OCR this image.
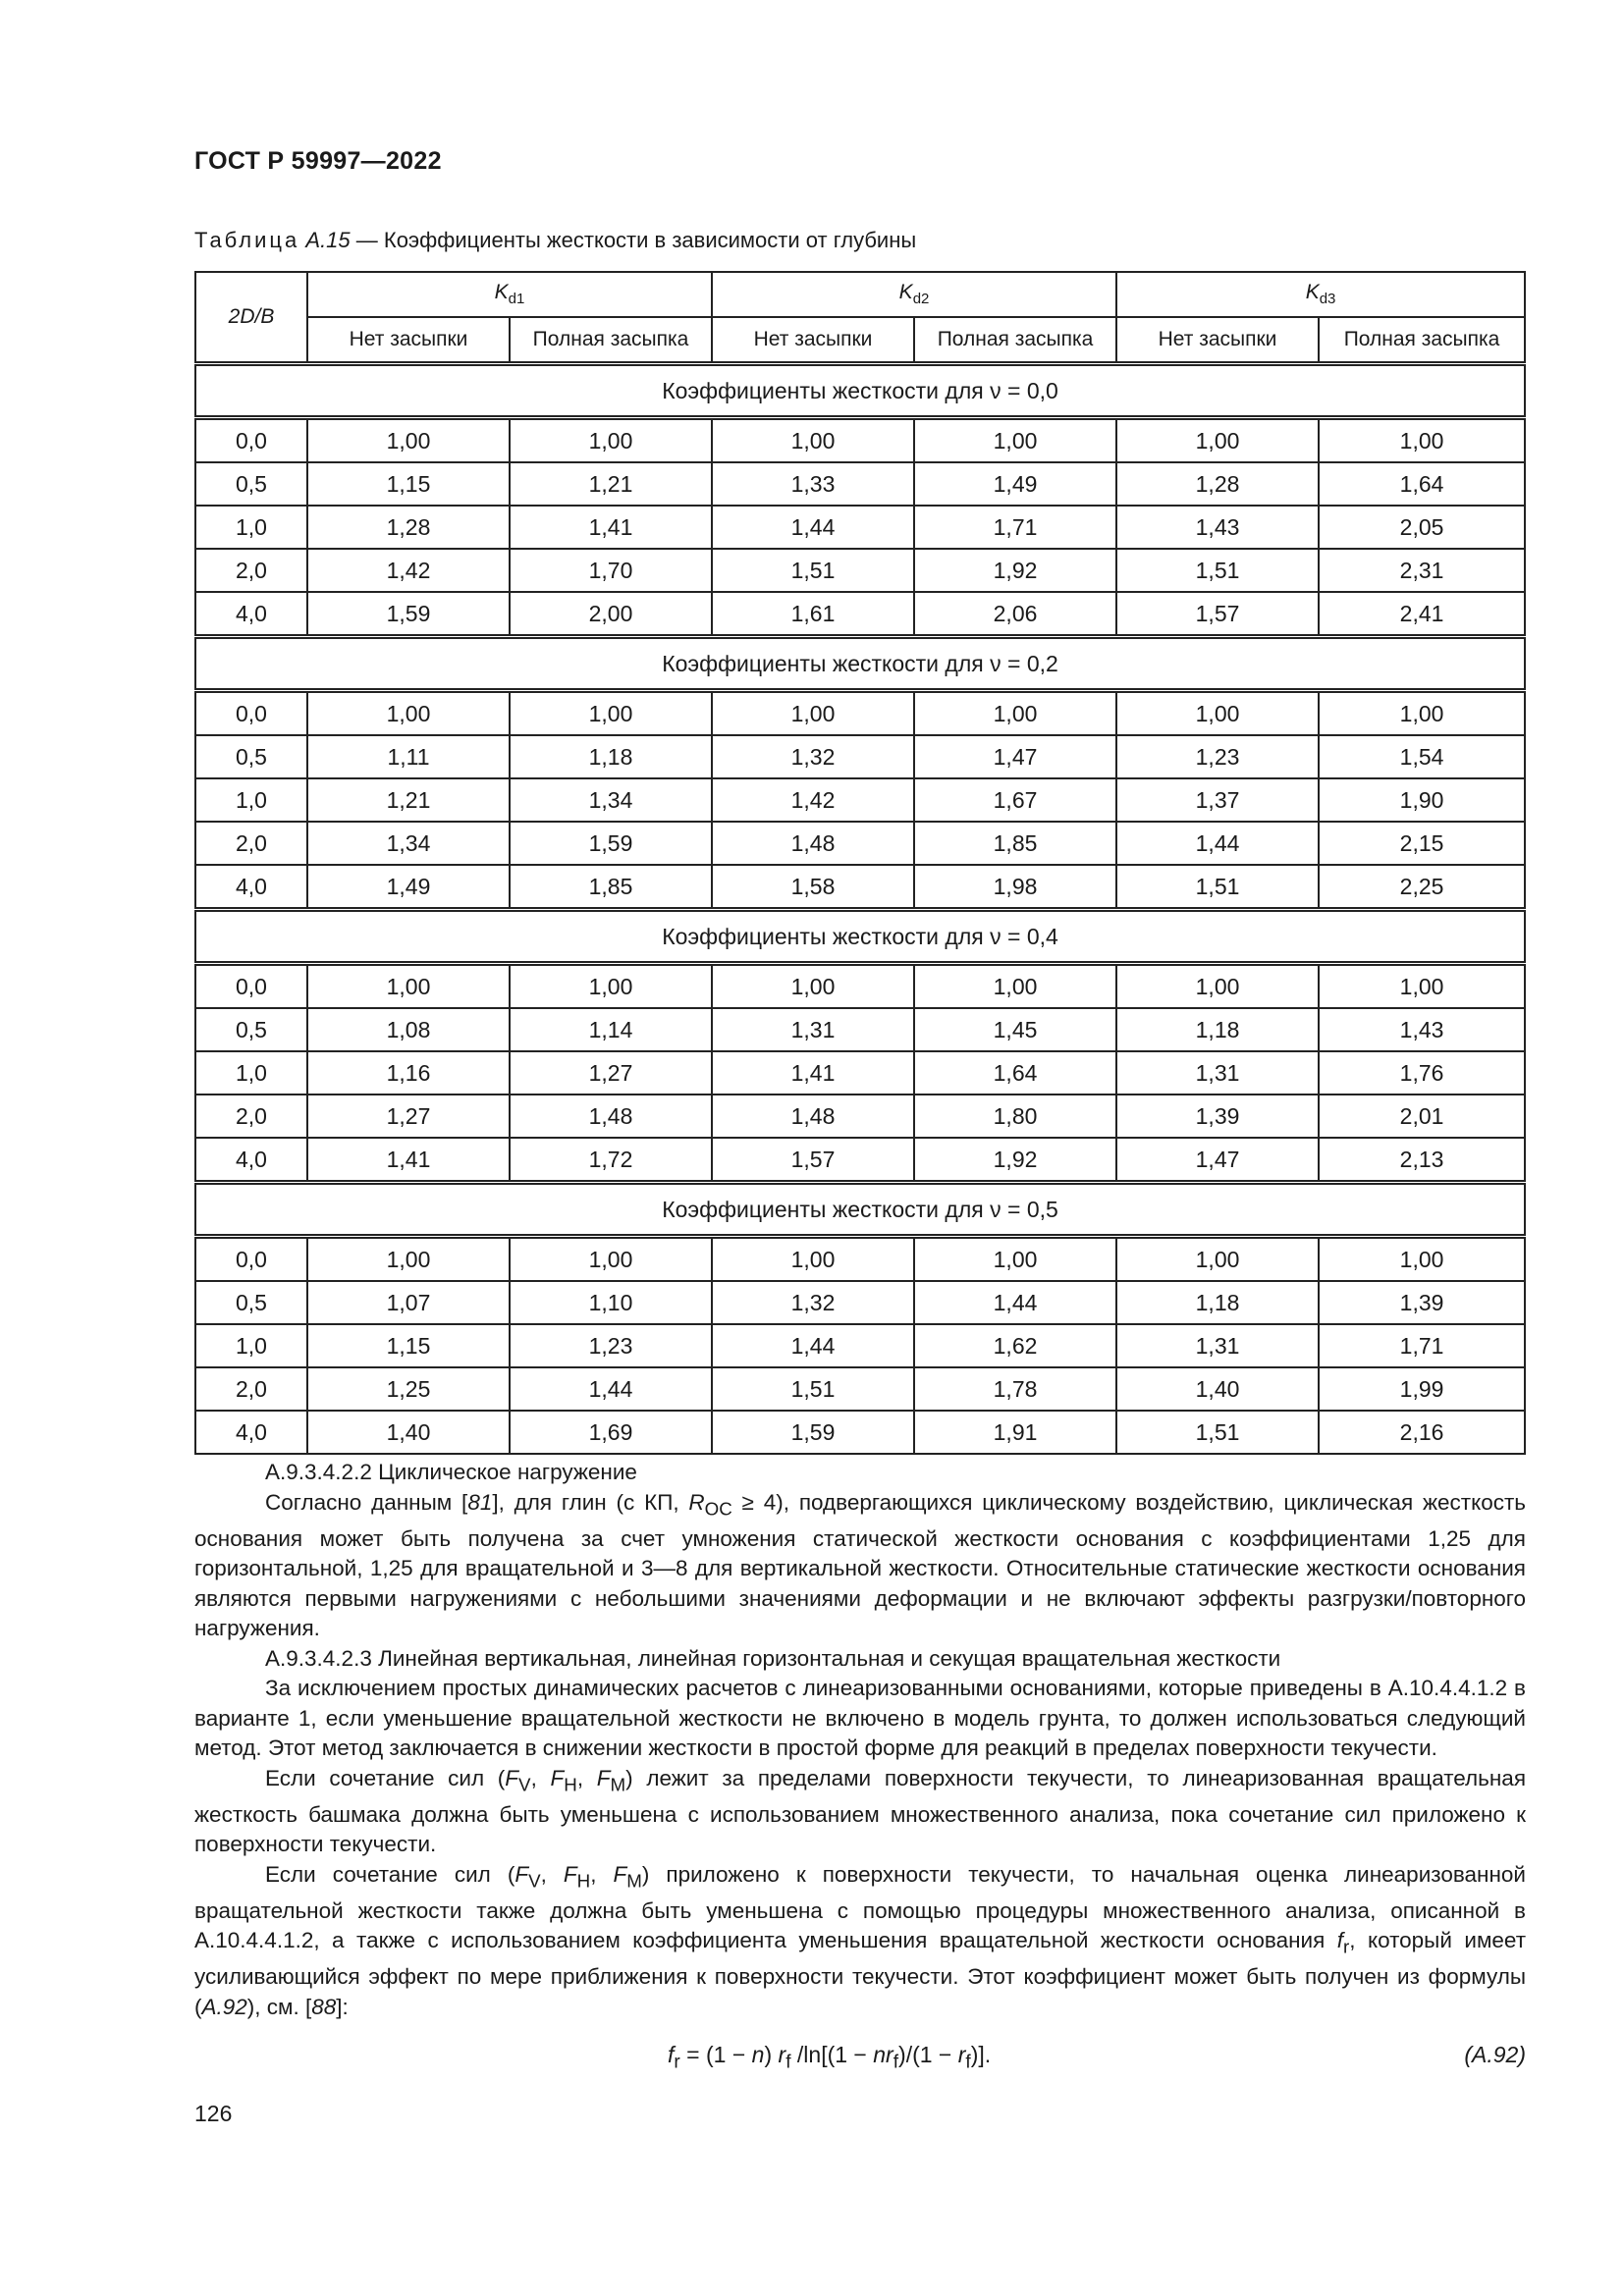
ГОСТ Р 59997—2022
Таблица A.15 — Коэффициенты жесткости в зависимости от глубины
2D/B	$K_{d1}$		$K_{d2}$		$K_{d3}$
	Нет засыпки	Полная засыпка	Нет засыпки	Полная засыпка	Нет засыпки	Полная засыпка
Коэффициенты жесткости для ν = 0,0						
0,0	1,00	1,00	1,00	1,00	1,00	1,00
0,5	1,15	1,21	1,33	1,49	1,28	1,64
1,0	1,28	1,41	1,44	1,71	1,43	2,05
2,0	1,42	1,70	1,51	1,92	1,51	2,31
4,0	1,59	2,00	1,61	2,06	1,57	2,41
Коэффициенты жесткости для ν = 0,2						
0,0	1,00	1,00	1,00	1,00	1,00	1,00
0,5	1,11	1,18	1,32	1,47	1,23	1,54
1,0	1,21	1,34	1,42	1,67	1,37	1,90
2,0	1,34	1,59	1,48	1,85	1,44	2,15
4,0	1,49	1,85	1,58	1,98	1,51	2,25
Коэффициенты жесткости для ν = 0,4						
0,0	1,00	1,00	1,00	1,00	1,00	1,00
0,5	1,08	1,14	1,31	1,45	1,18	1,43
1,0	1,16	1,27	1,41	1,64	1,31	1,76
2,0	1,27	1,48	1,48	1,80	1,39	2,01
4,0	1,41	1,72	1,57	1,92	1,47	2,13
Коэффициенты жесткости для ν = 0,5						
0,0	1,00	1,00	1,00	1,00	1,00	1,00
0,5	1,07	1,10	1,32	1,44	1,18	1,39
1,0	1,15	1,23	1,44	1,62	1,31	1,71
2,0	1,25	1,44	1,51	1,78	1,40	1,99
4,0	1,40	1,69	1,59	1,91	1,51	2,16

А.9.3.4.2.2 Циклическое нагружение

Согласно данным [81], для глин (с КП, $R_{OC} \ge 4$), подвергающихся циклическому воздействию, циклическая жесткость основания может быть получена за счет умножения статической жесткости основания с коэффициентами 1,25 для горизонтальной, 1,25 для вращательной и 3—8 для вертикальной жесткости. Относительные статические жесткости основания являются первыми нагружениями с небольшими значениями деформации и не включают эффекты разгрузки/повторного нагружения.

А.9.3.4.2.3 Линейная вертикальная, линейная горизонтальная и секущая вращательная жесткости

За исключением простых динамических расчетов с линеаризованными основаниями, которые приведены в А.10.4.4.1.2 в варианте 1, если уменьшение вращательной жесткости не включено в модель грунта, то должен использоваться следующий метод. Этот метод заключается в снижении жесткости в простой форме для реакций в пределах поверхности текучести.

Если сочетание сил ($F_V$, $F_H$, $F_M$) лежит за пределами поверхности текучести, то линеаризованная вращательная жесткость башмака должна быть уменьшена с использованием множественного анализа, пока сочетание сил приложено к поверхности текучести.

Если сочетание сил ($F_V$, $F_H$, $F_M$) приложено к поверхности текучести, то начальная оценка линеаризованной вращательной жесткости также должна быть уменьшена с помощью процедуры множественного анализа, описанной в А.10.4.4.1.2, а также с использованием коэффициента уменьшения вращательной жесткости основания $f_r$, который имеет усиливающийся эффект по мере приближения к поверхности текучести. Этот коэффициент может быть получен из формулы (A.92), см. [88]:

$f_r = (1 - n)$ $r_f$ $/\ln[(1 - nr_f)/(1 - r_f)]$.	(A.92)
126
